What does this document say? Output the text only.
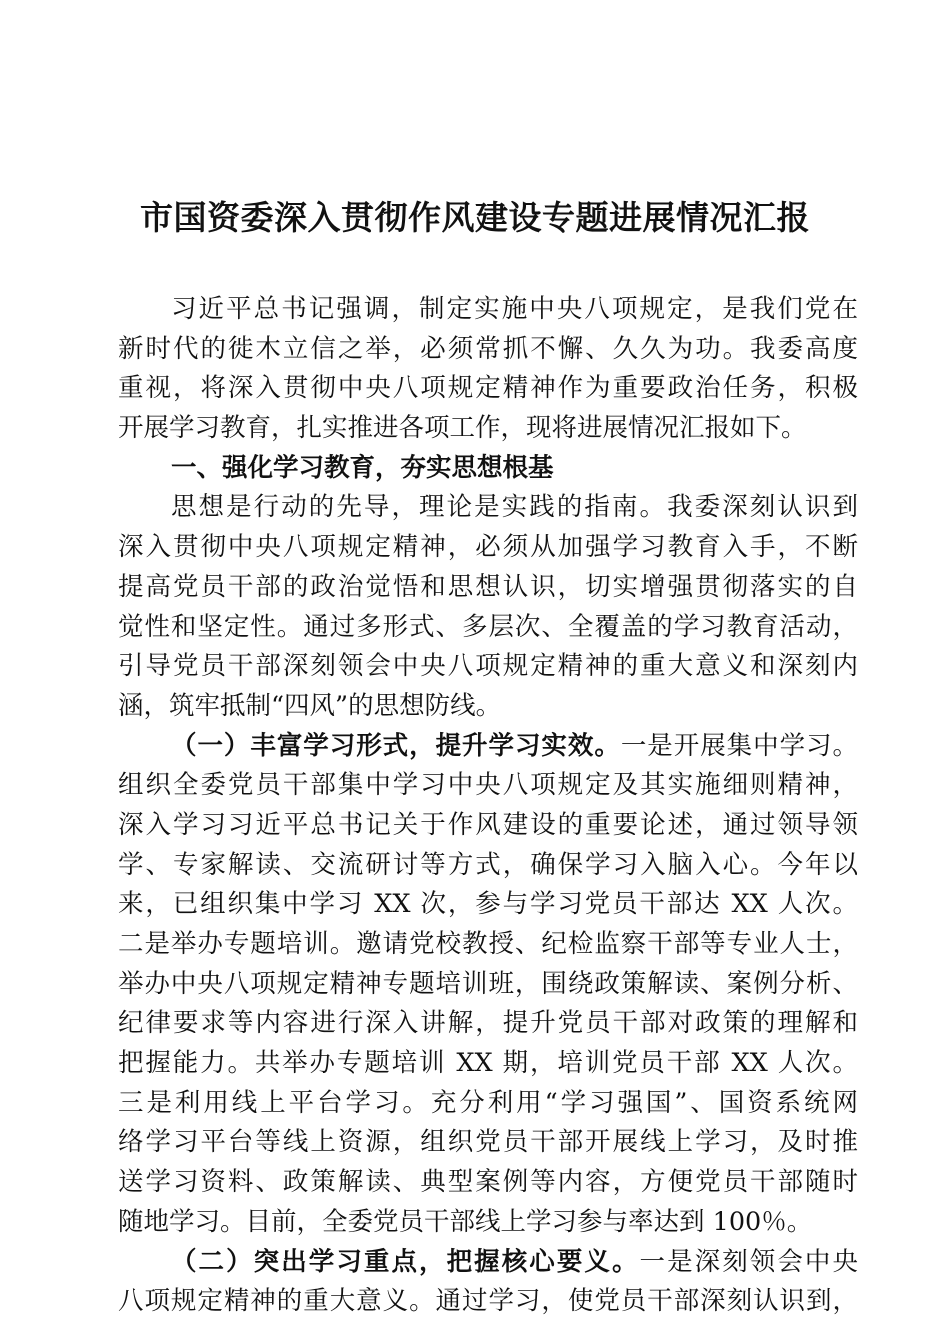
市国资委深入贯彻作风建设专题进展情况汇报
习近平总书记强调，制定实施中央八项规定，是我们党在
新时代的徙木立信之举，必须常抓不懈、久久为功。我委高度
重视，将深入贯彻中央八项规定精神作为重要政治任务，积极
开展学习教育，扎实推进各项工作，现将进展情况汇报如下。
一、强化学习教育，夯实思想根基
思想是行动的先导，理论是实践的指南。我委深刻认识到
深入贯彻中央八项规定精神，必须从加强学习教育入手，不断
提高党员干部的政治觉悟和思想认识，切实增强贯彻落实的自
觉性和坚定性。通过多形式、多层次、全覆盖的学习教育活动，
引导党员干部深刻领会中央八项规定精神的重大意义和深刻内
涵，筑牢抵制“四风”的思想防线。
（一）丰富学习形式，提升学习实效。一是开展集中学习。
组织全委党员干部集中学习中央八项规定及其实施细则精神，
深入学习习近平总书记关于作风建设的重要论述，通过领导领
学、专家解读、交流研讨等方式，确保学习入脑入心。今年以
来，已组织集中学习 XX 次，参与学习党员干部达 XX 人次。
二是举办专题培训。邀请党校教授、纪检监察干部等专业人士，
举办中央八项规定精神专题培训班，围绕政策解读、案例分析、
纪律要求等内容进行深入讲解，提升党员干部对政策的理解和
把握能力。共举办专题培训 XX 期，培训党员干部 XX 人次。
三是利用线上平台学习。充分利用“学习强国”、国资系统网
络学习平台等线上资源，组织党员干部开展线上学习，及时推
送学习资料、政策解读、典型案例等内容，方便党员干部随时
随地学习。目前，全委党员干部线上学习参与率达到 100％。
（二）突出学习重点，把握核心要义。一是深刻领会中央
八项规定精神的重大意义。通过学习，使党员干部深刻认识到，
